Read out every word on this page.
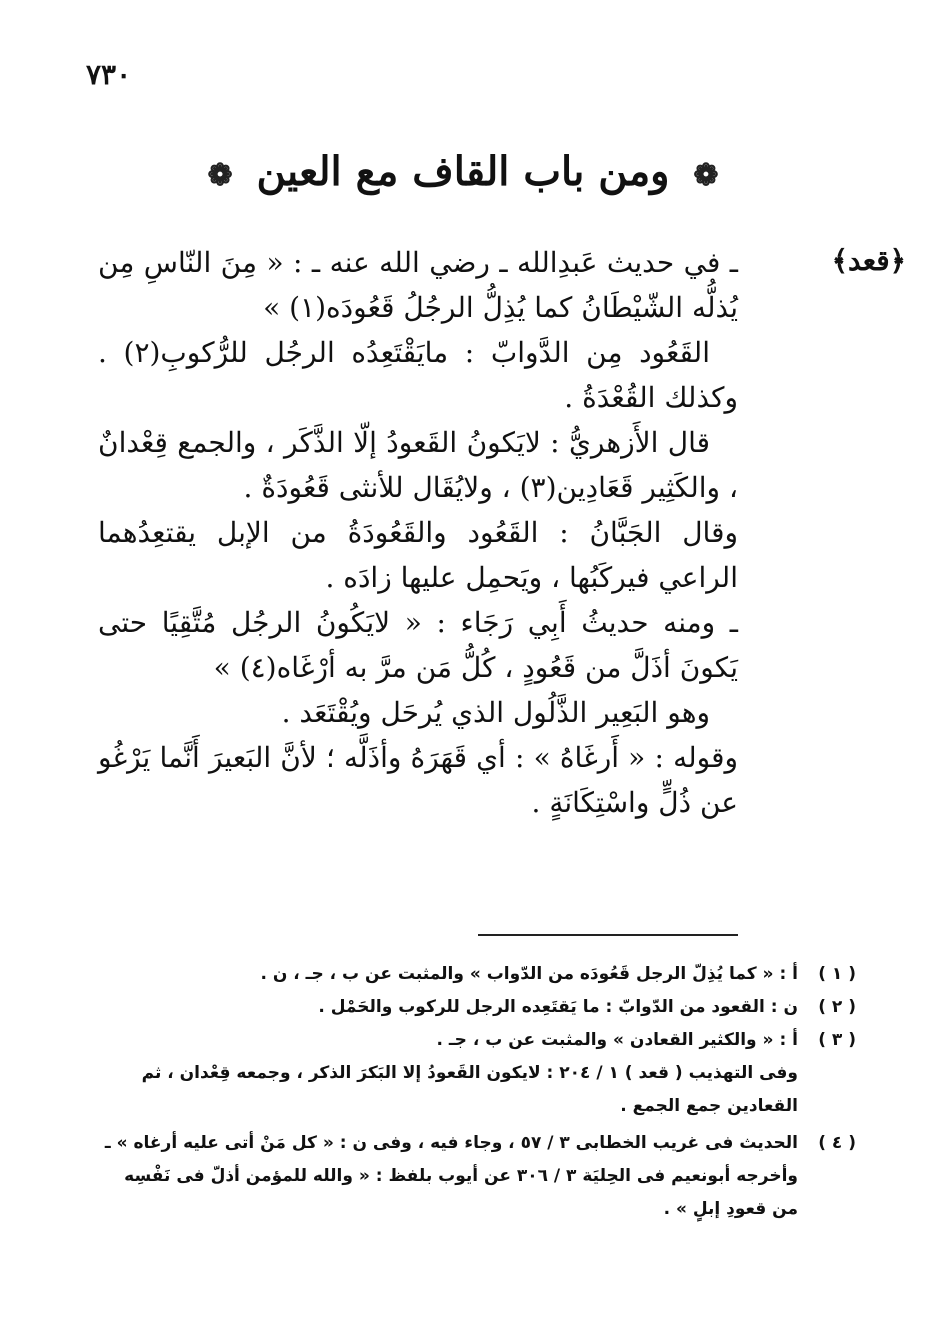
٧٣٠
❁ ومن باب القاف مع العين ❁
﴿قعد﴾

ـ في حديث عَبدِالله ـ رضي الله عنه ـ : « مِنَ النّاسِ مِن يُذلُّه الشّيْطَانُ كما يُذِلُّ الرجُلُ قَعُودَه(١) »

القَعُود مِن الدَّوابّ : مايَقْتَعِدُه الرجُل للرُّكوبِ(٢) . وكذلك القُعْدَةُ .

قال الأَزهريُّ : لايَكونُ القَعودُ إلّا الذَّكَر ، والجمع قِعْدانٌ ، والكَثِير قَعَادِين(٣) ، ولايُقَال للأنثى قَعُودَةٌ .

وقال الجَبَّانُ : القَعُود والقَعُودَةُ من الإبل يقتعِدُهما الراعي فيركَبُها ، ويَحمِل عليها زادَه .

ـ ومنه حديثُ أَبِي رَجَاء : « لايَكُونُ الرجُل مُتَّقِيًا حتى يَكونَ أذَلَّ من قَعُودٍ ، كُلُّ مَن مرَّ به أرْغَاه(٤) »

وهو البَعِير الذَّلُول الذي يُرحَل ويُقْتَعَد .

وقوله : « أَرغَاهُ » : أي قَهَرَهُ وأذَلَّه ؛ لأنَّ البَعيرَ أَنَّما يَرْغُو عن ذُلٍّ واسْتِكَانَةٍ .

( ١ )

أ : « كما يُذِلّ الرجل قَعُودَه من الدّواب » والمثبت عن ب ، جـ ، ن .

( ٢ )

ن : القعود من الدّوابّ : ما يَقتَعِده الرجل للركوب والحَمْل .

( ٣ )

أ : « والكثير القعادن » والمثبت عن ب ، جـ .

وفى التهذيب ( قعد ) ١ / ٢٠٤ : لايكون القَعودُ إلا البَكرَ الذكر ، وجمعه قِعْدان ، ثم القعادين جمع الجمع .

( ٤ )

الحديث فى غريب الخطابى ٣ / ٥٧ ، وجاء فيه ، وفى ن : « كل مَنْ أتى عليه أرغاه » ـ وأخرجه أبونعيم فى الحِليَة ٣ / ٣٠٦ عن أيوب بلفظ : « والله للمؤمن أذلّ فى نَفْسِه من قعودِ إبلٍ » .
